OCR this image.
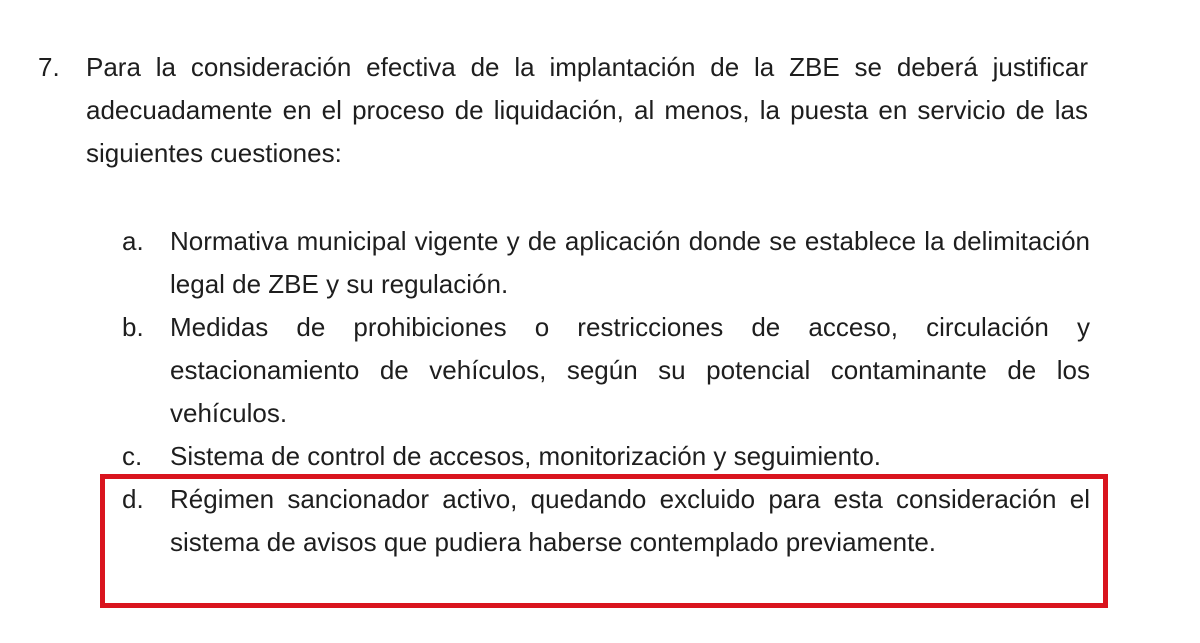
7. Para la consideración efectiva de la implantación de la ZBE se deberá justificar adecuadamente en el proceso de liquidación, al menos, la puesta en servicio de las siguientes cuestiones:
a. Normativa municipal vigente y de aplicación donde se establece la delimitación legal de ZBE y su regulación.
b. Medidas de prohibiciones o restricciones de acceso, circulación y estacionamiento de vehículos, según su potencial contaminante de los vehículos.
c. Sistema de control de accesos, monitorización y seguimiento.
d. Régimen sancionador activo, quedando excluido para esta consideración el sistema de avisos que pudiera haberse contemplado previamente.
